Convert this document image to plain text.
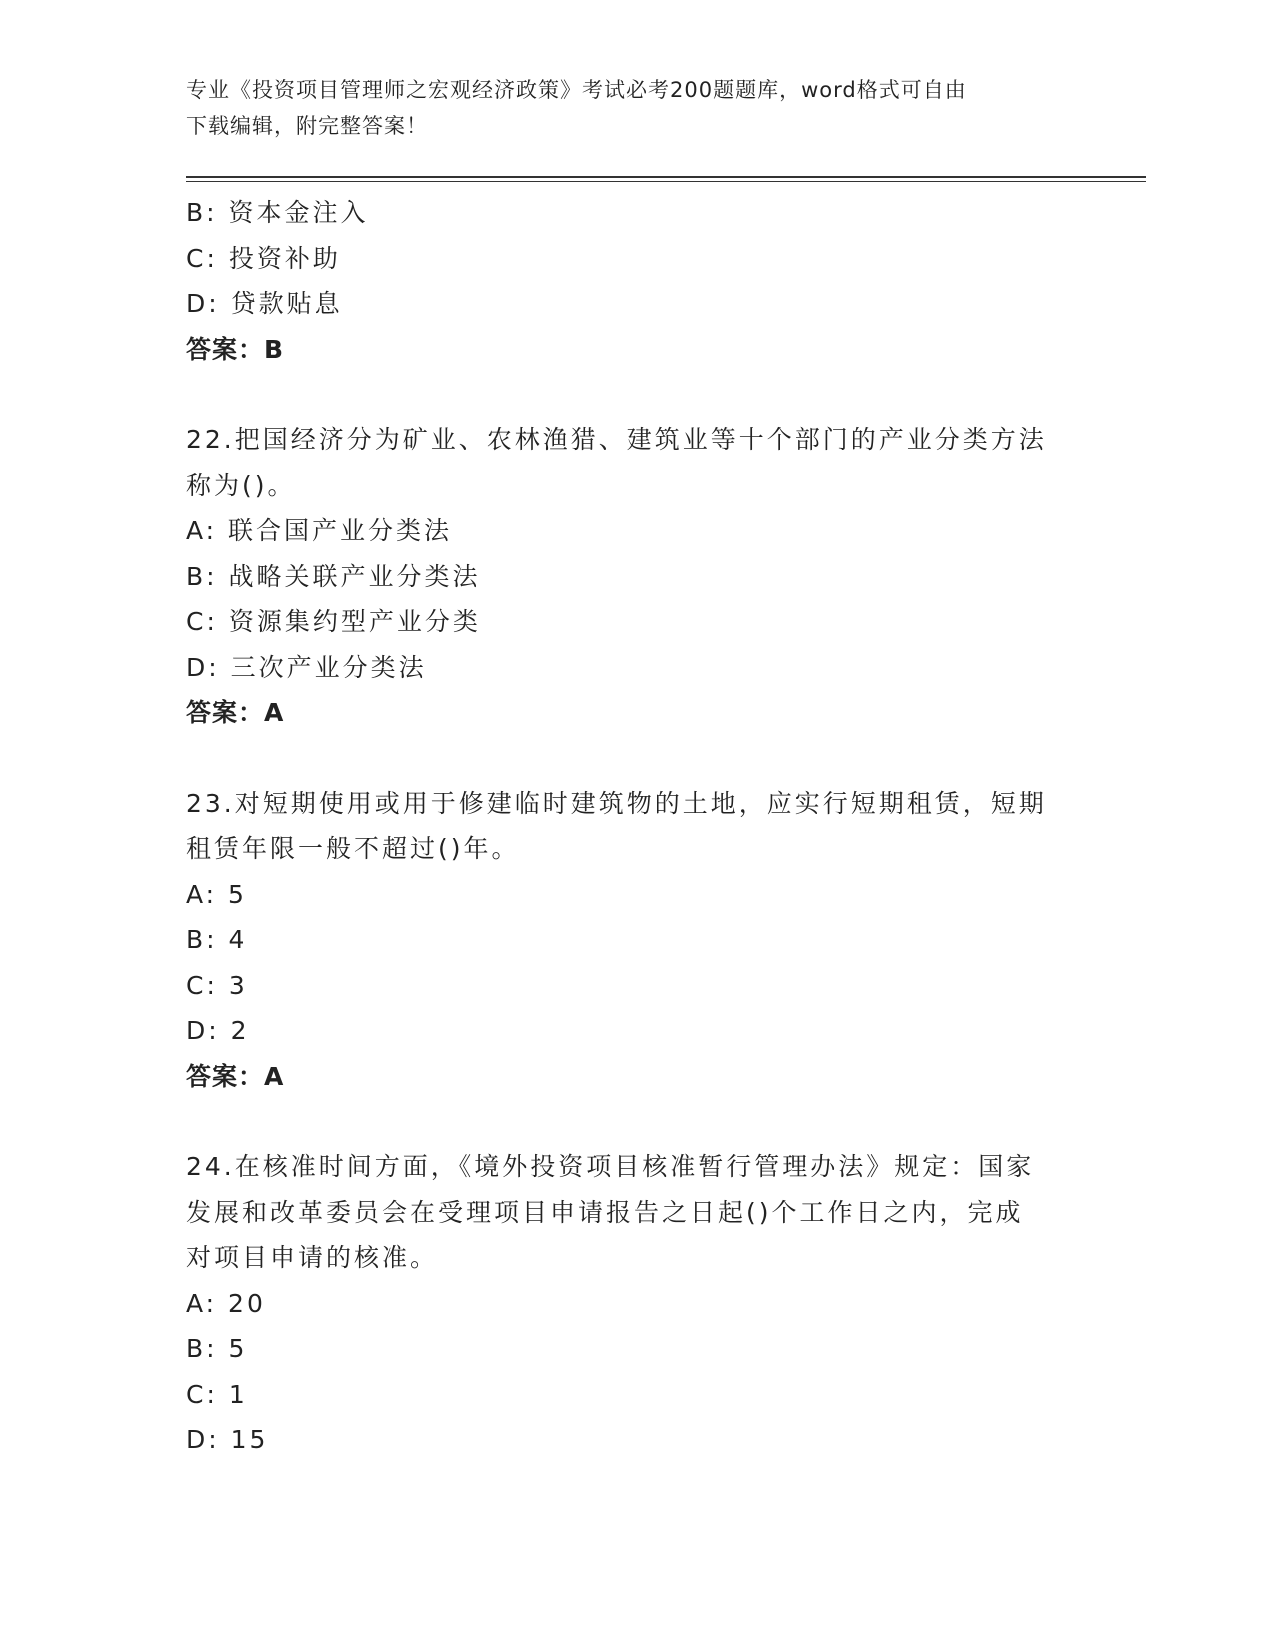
专业《投资项目管理师之宏观经济政策》考试必考200题题库，word格式可自由
下载编辑，附完整答案！
B: 资本金注入
C: 投资补助
D: 贷款贴息
答案：B
22.把国经济分为矿业、农林渔猎、建筑业等十个部门的产业分类方法
称为()。
A: 联合国产业分类法
B: 战略关联产业分类法
C: 资源集约型产业分类
D: 三次产业分类法
答案：A
23.对短期使用或用于修建临时建筑物的土地，应实行短期租赁，短期
租赁年限一般不超过()年。
A: 5
B: 4
C: 3
D: 2
答案：A
24.在核准时间方面，《境外投资项目核准暂行管理办法》规定：国家
发展和改革委员会在受理项目申请报告之日起()个工作日之内，完成
对项目申请的核准。
A: 20
B: 5
C: 1
D: 15
